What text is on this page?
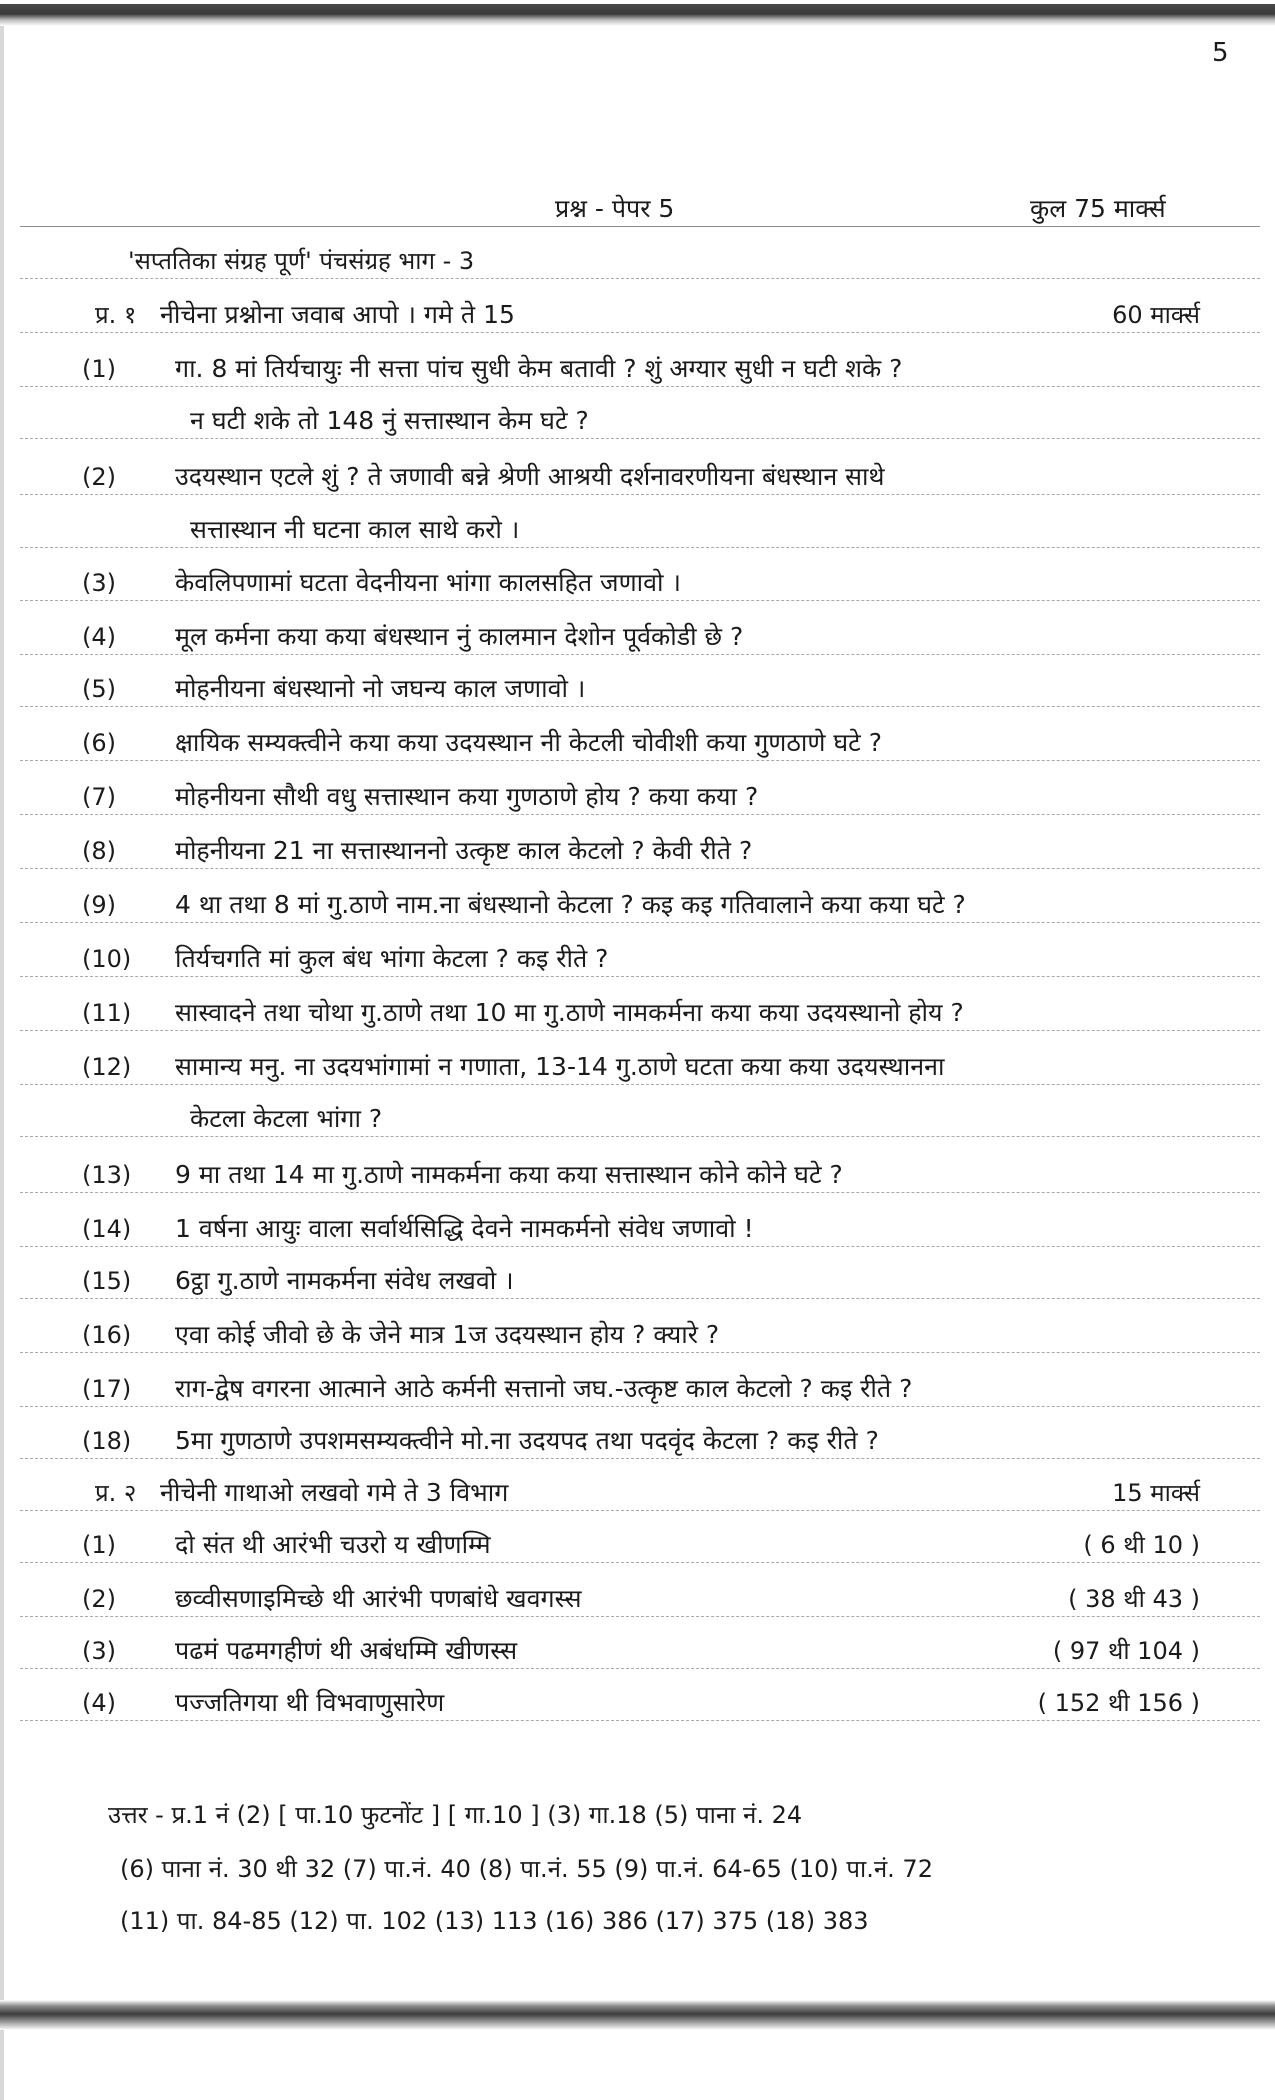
5
प्रश्न - पेपर 5	कुल 75 मार्क्स
'सप्ततिका संग्रह पूर्ण' पंचसंग्रह भाग - 3
प्र. १ नीचेना प्रश्नोना जवाब आपो । गमे ते 15	60 मार्क्स
(1)	गा. 8 मां तिर्यचायुः नी सत्ता पांच सुधी केम बतावी ? शुं अग्यार सुधी न घटी शके ?
न घटी शके तो 148 नुं सत्तास्थान केम घटे ?
(2)	उदयस्थान एटले शुं ? ते जणावी बन्ने श्रेणी आश्रयी दर्शनावरणीयना बंधस्थान साथे
सत्तास्थान नी घटना काल साथे करो ।
(3)	केवलिपणामां घटता वेदनीयना भांगा कालसहित जणावो ।
(4)	मूल कर्मना कया कया बंधस्थान नुं कालमान देशोन पूर्वकोडी छे ?
(5)	मोहनीयना बंधस्थानो नो जघन्य काल जणावो ।
(6)	क्षायिक सम्यक्त्वीने कया कया उदयस्थान नी केटली चोवीशी कया गुणठाणे घटे ?
(7)	मोहनीयना सौथी वधु सत्तास्थान कया गुणठाणे होय ? कया कया ?
(8)	मोहनीयना 21 ना सत्तास्थाननो उत्कृष्ट काल केटलो ? केवी रीते ?
(9)	4 था तथा 8 मां गु.ठाणे नाम.ना बंधस्थानो केटला ? कइ कइ गतिवालाने कया कया घटे ?
(10)	तिर्यचगति मां कुल बंध भांगा केटला ? कइ रीते ?
(11)	सास्वादने तथा चोथा गु.ठाणे तथा 10 मा गु.ठाणे नामकर्मना कया कया उदयस्थानो होय ?
(12)	सामान्य मनु. ना उदयभांगामां न गणाता, 13-14 गु.ठाणे घटता कया कया उदयस्थानना
केटला केटला भांगा ?
(13)	9 मा तथा 14 मा गु.ठाणे नामकर्मना कया कया सत्तास्थान कोने कोने घटे ?
(14)	1 वर्षना आयुः वाला सर्वार्थसिद्धि देवने नामकर्मनो संवेध जणावो !
(15)	6ट्ठा गु.ठाणे नामकर्मना संवेध लखवो ।
(16)	एवा कोई जीवो छे के जेने मात्र 1ज उदयस्थान होय ? क्यारे ?
(17)	राग-द्वेष वगरना आत्माने आठे कर्मनी सत्तानो जघ.-उत्कृष्ट काल केटलो ? कइ रीते ?
(18)	5मा गुणठाणे उपशमसम्यक्त्वीने मो.ना उदयपद तथा पदवृंद केटला ? कइ रीते ?
प्र. २ नीचेनी गाथाओ लखवो गमे ते 3 विभाग	15 मार्क्स
(1)	दो संत थी आरंभी चउरो य खीणम्मि	( 6 थी 10 )
(2)	छव्वीसणाइमिच्छे थी आरंभी पणबांधे खवगस्स	( 38 थी 43 )
(3)	पढमं पढमगहीणं थी अबंधम्मि खीणस्स	( 97 थी 104 )
(4)	पज्जतिगया थी विभवाणुसारेण	( 152 थी 156 )
उत्तर - प्र.1 नं (2) [ पा.10 फुटनोंट ] [ गा.10 ] (3) गा.18 (5) पाना नं. 24
(6) पाना नं. 30 थी 32 (7) पा.नं. 40 (8) पा.नं. 55 (9) पा.नं. 64-65 (10) पा.नं. 72
(11) पा. 84-85 (12) पा. 102 (13) 113 (16) 386 (17) 375 (18) 383
